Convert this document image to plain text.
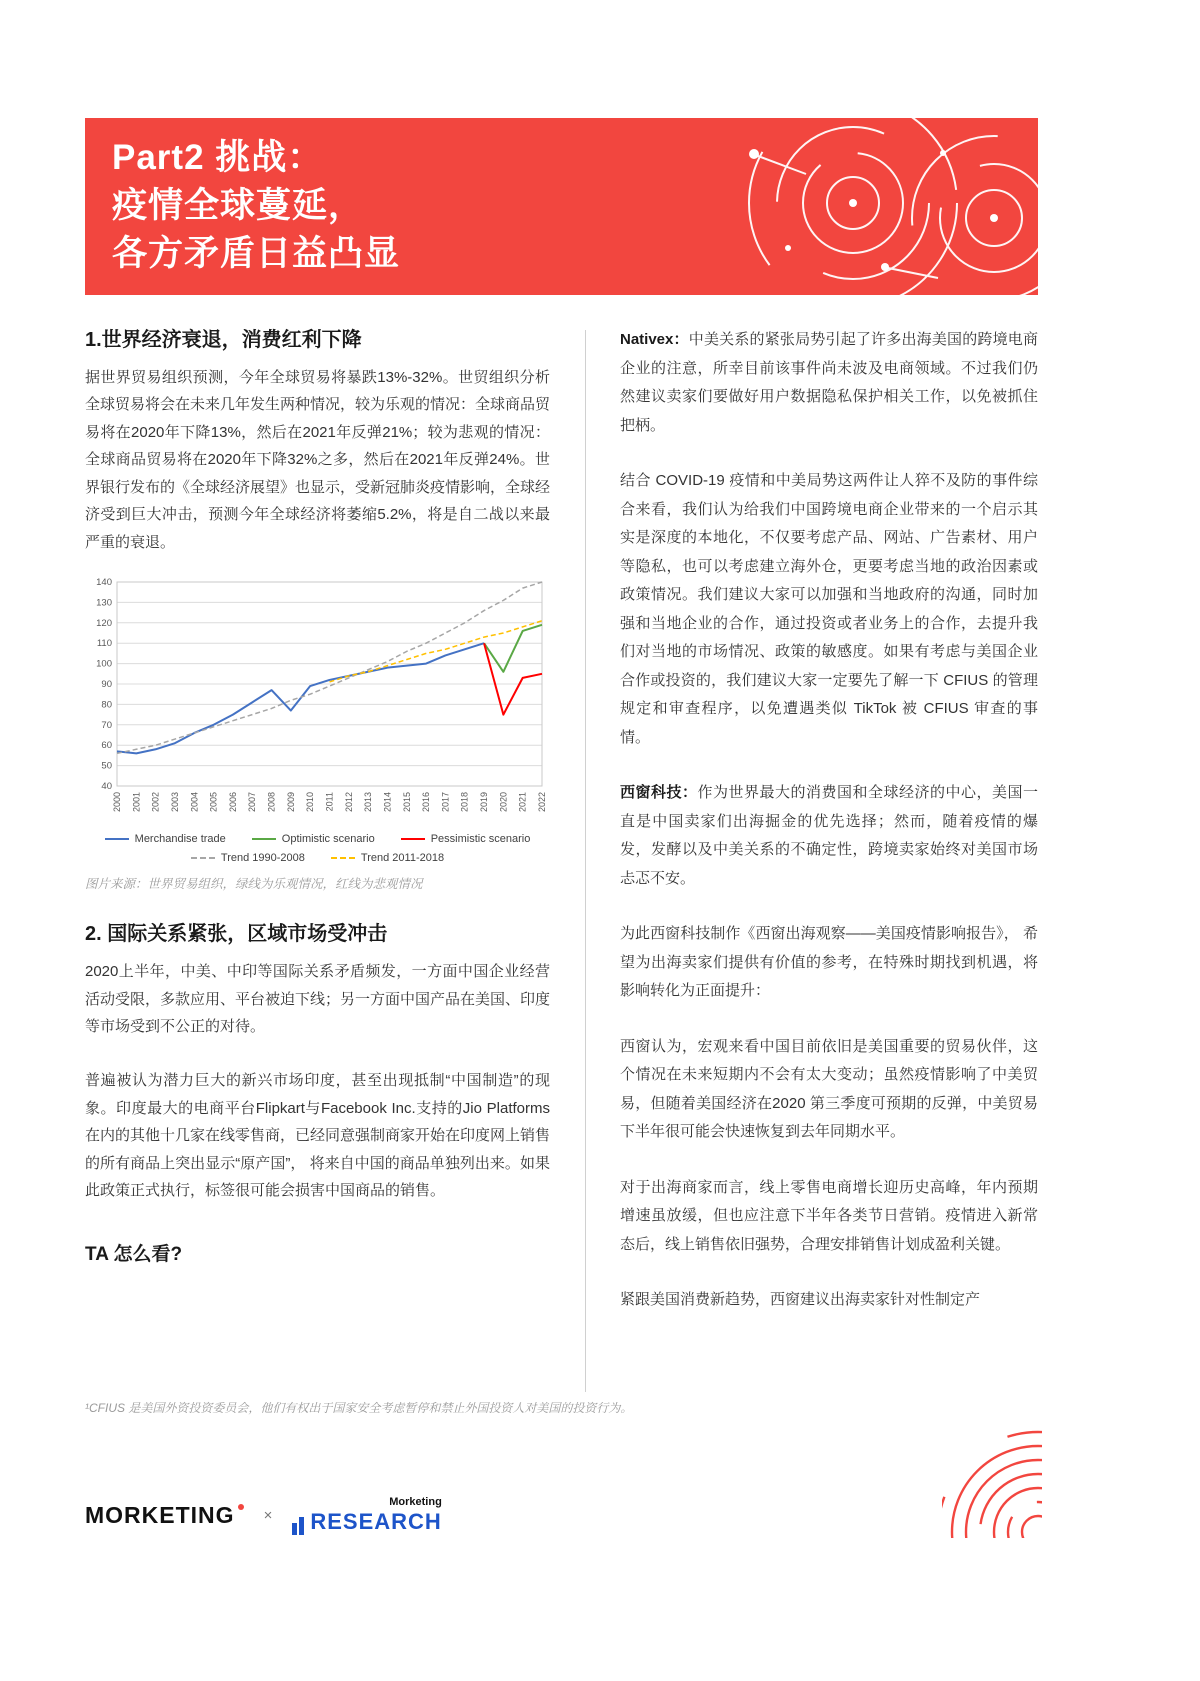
Part2 挑战：
疫情全球蔓延，
各方矛盾日益凸显
1.世界经济衰退，消费红利下降

据世界贸易组织预测，今年全球贸易将暴跌13%-32%。世贸组织分析全球贸易将会在未来几年发生两种情况，较为乐观的情况：全球商品贸易将在2020年下降13%，然后在2021年反弹21%；较为悲观的情况：全球商品贸易将在2020年下降32%之多，然后在2021年反弹24%。世界银行发布的《全球经济展望》也显示，受新冠肺炎疫情影响，全球经济受到巨大冲击，预测今年全球经济将萎缩5.2%，将是自二战以来最严重的衰退。

40
50
60
70
80
90
100
110
120
130
140
2000 2001 2002 2003 2004 2005 2006 2007 2008 2009 2010 2011 2012 2013 2014 2015 2016 2017 2018 2019 2020 2021 2022
Merchandise trade	Optimistic scenario	Pessimistic scenario
Trend 1990-2008	Trend 2011-2018

图片来源：世界贸易组织，绿线为乐观情况，红线为悲观情况

2. 国际关系紧张，区域市场受冲击

2020上半年，中美、中印等国际关系矛盾频发，一方面中国企业经营活动受限，多款应用、平台被迫下线；另一方面中国产品在美国、印度等市场受到不公正的对待。

普遍被认为潜力巨大的新兴市场印度，甚至出现抵制“中国制造”的现象。印度最大的电商平台Flipkart与Facebook Inc.支持的Jio Platforms在内的其他十几家在线零售商，已经同意强制商家开始在印度网上销售的所有商品上突出显示“原产国”， 将来自中国的商品单独列出来。如果此政策正式执行，标签很可能会损害中国商品的销售。

TA 怎么看?

Nativex：中美关系的紧张局势引起了许多出海美国的跨境电商企业的注意，所幸目前该事件尚未波及电商领域。不过我们仍然建议卖家们要做好用户数据隐私保护相关工作，以免被抓住把柄。

结合 COVID-19 疫情和中美局势这两件让人猝不及防的事件综合来看，我们认为给我们中国跨境电商企业带来的一个启示其实是深度的本地化，不仅要考虑产品、网站、广告素材、用户等隐私，也可以考虑建立海外仓，更要考虑当地的政治因素或政策情况。我们建议大家可以加强和当地政府的沟通，同时加强和当地企业的合作，通过投资或者业务上的合作，去提升我们对当地的市场情况、政策的敏感度。如果有考虑与美国企业合作或投资的，我们建议大家一定要先了解一下 CFIUS 的管理规定和审查程序，以免遭遇类似 TikTok 被 CFIUS 审查的事情。

西窗科技：作为世界最大的消费国和全球经济的中心，美国一直是中国卖家们出海掘金的优先选择；然而，随着疫情的爆发，发酵以及中美关系的不确定性，跨境卖家始终对美国市场忐忑不安。

为此西窗科技制作《西窗出海观察——美国疫情影响报告》， 希望为出海卖家们提供有价值的参考，在特殊时期找到机遇，将影响转化为正面提升：

西窗认为，宏观来看中国目前依旧是美国重要的贸易伙伴，这个情况在未来短期内不会有太大变动；虽然疫情影响了中美贸易，但随着美国经济在2020 第三季度可预期的反弹，中美贸易下半年很可能会快速恢复到去年同期水平。

对于出海商家而言，线上零售电商增长迎历史高峰，年内预期增速虽放缓，但也应注意下半年各类节日营销。疫情进入新常态后，线上销售依旧强势，合理安排销售计划成盈利关键。

紧跟美国消费新趋势，西窗建议出海卖家针对性制定产

¹CFIUS 是美国外资投资委员会，他们有权出于国家安全考虑暂停和禁止外国投资人对美国的投资行为。
MORKETING	×
Morketing
RESEARCH
